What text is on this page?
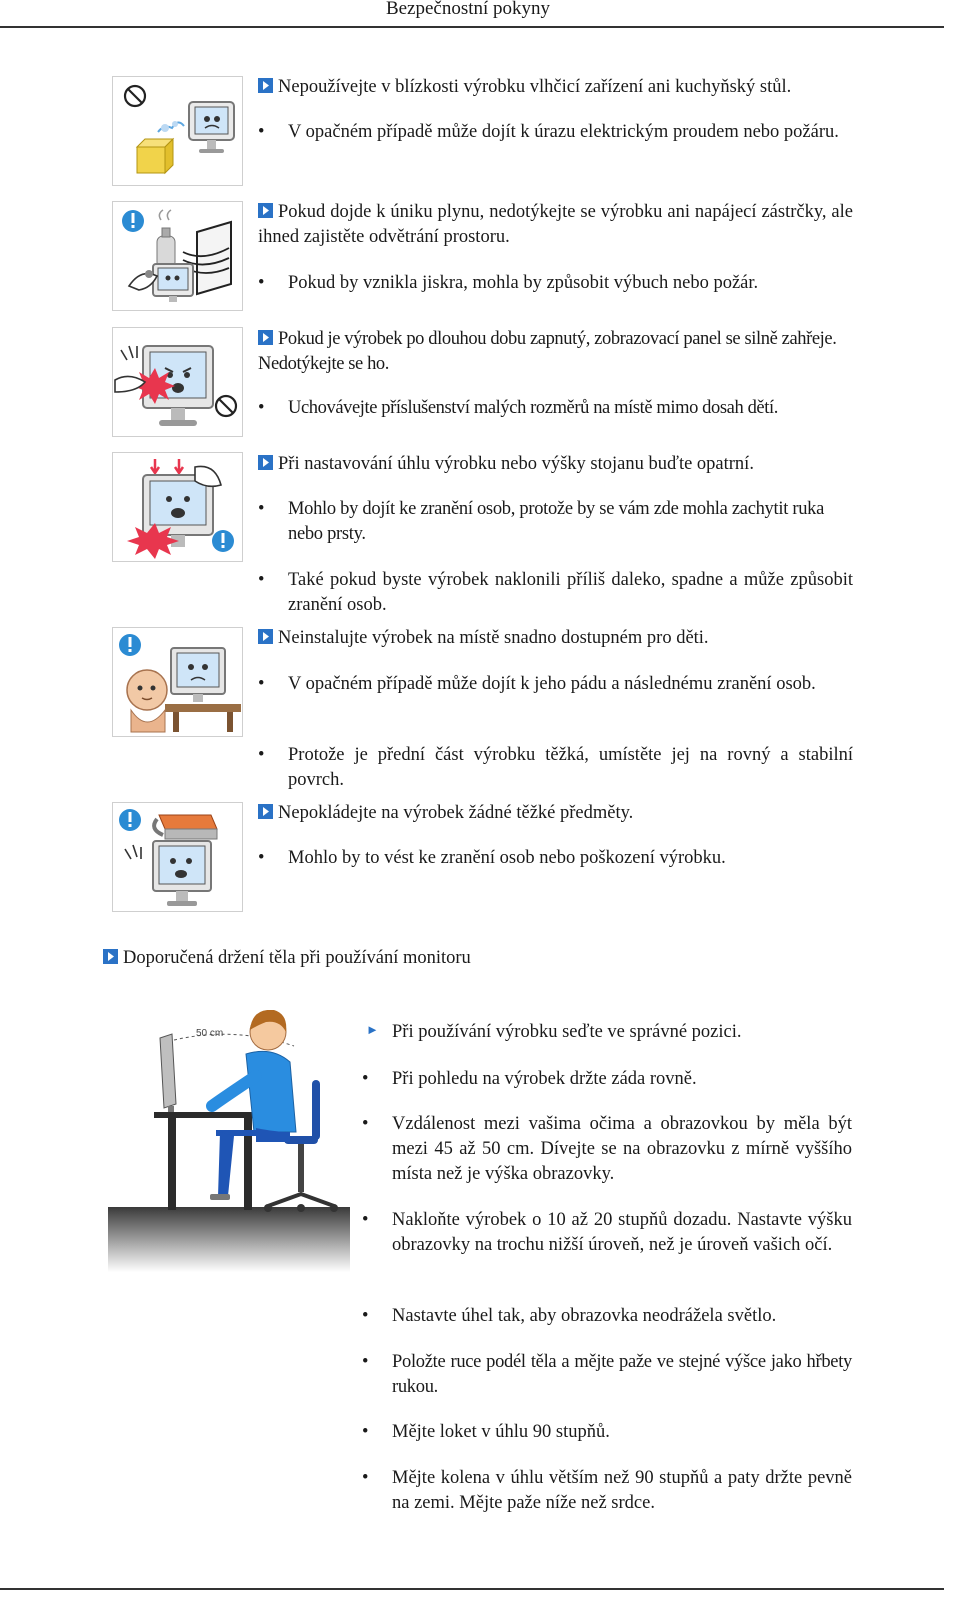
Bezpečnostní pokyny

Nepoužívejte v blízkosti výrobku vlhčicí zařízení ani kuchyňský stůl.

• V opačném případě může dojít k úrazu elektrickým proudem nebo požáru.

Pokud dojde k úniku plynu, nedotýkejte se výrobku ani napájecí zástrčky, ale ihned zajistěte odvětrání prostoru.

• Pokud by vznikla jiskra, mohla by způsobit výbuch nebo požár.

Pokud je výrobek po dlouhou dobu zapnutý, zobrazovací panel se silně zahřeje. Nedotýkejte se ho.

• Uchovávejte příslušenství malých rozměrů na místě mimo dosah dětí.

Při nastavování úhlu výrobku nebo výšky stojanu buďte opatrní.

• Mohlo by dojít ke zranění osob, protože by se vám zde mohla zachytit ruka nebo prsty.
• Také pokud byste výrobek naklonili příliš daleko, spadne a může způsobit zranění osob.

Neinstalujte výrobek na místě snadno dostupném pro děti.

• V opačném případě může dojít k jeho pádu a následnému zranění osob.
• Protože je přední část výrobku těžká, umístěte jej na rovný a stabilní povrch.

Nepokládejte na výrobek žádné těžké předměty.

• Mohlo by to vést ke zranění osob nebo poškození výrobku.

Doporučená držení těla při používání monitoru

50 cm	► Při používání výrobku seďte ve správné pozici.
• Při pohledu na výrobek držte záda rovně.
• Vzdálenost mezi vašima očima a obrazovkou by měla být mezi 45 až 50 cm. Dívejte se na obrazovku z mírně vyššího místa než je výška obrazovky.
• Nakloňte výrobek o 10 až 20 stupňů dozadu. Nastavte výšku obrazovky na trochu nižší úroveň, než je úroveň vašich očí.
• Nastavte úhel tak, aby obrazovka neodrážela světlo.
• Položte ruce podél těla a mějte paže ve stejné výšce jako hřbety rukou.
• Mějte loket v úhlu 90 stupňů.
• Mějte kolena v úhlu větším než 90 stupňů a paty držte pevně na zemi. Mějte paže níže než srdce.
